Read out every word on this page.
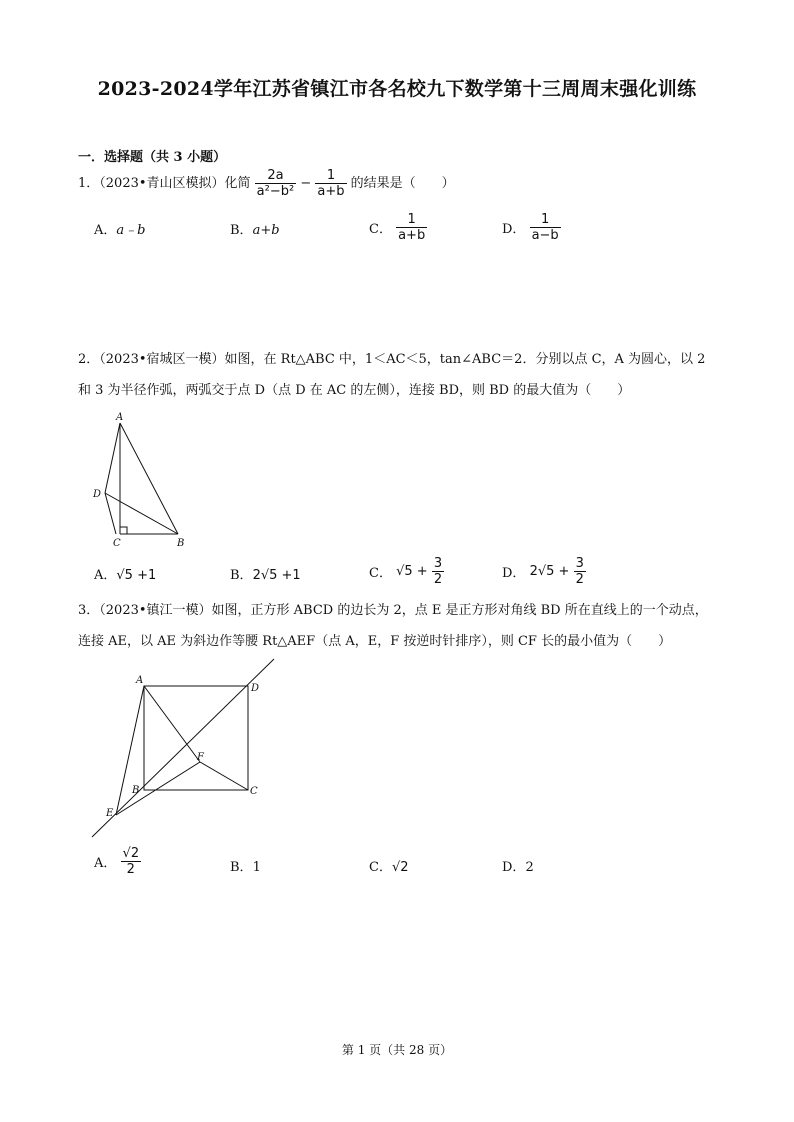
2023-2024学年江苏省镇江市各名校九下数学第十三周周末强化训练
一．选择题（共 3 小题）
1．（2023•青山区模拟）化简 $\frac{2a}{\text{a²−b²}} - \frac{1}{a+b}$ 的结果是（　　）
A．a﹣b	B．a+b	C． $\frac{1}{a+b}$	D． $\frac{1}{a-b}$
2．（2023•宿城区一模）如图，在 Rt△ABC 中，1＜AC＜5，tan∠ABC＝2．分别以点 C，A 为圆心，以 2
和 3 为半径作弧，两弧交于点 D（点 D 在 AC 的左侧），连接 BD，则 BD 的最大值为（　　）
A
C	B
D
A．√5 +1	B．2√5 +1	C． $√5 + \frac{3}{2}$	D． $2√5 + \frac{3}{2}$
3．（2023•镇江一模）如图，正方形 ABCD 的边长为 2，点 E 是正方形对角线 BD 所在直线上的一个动点，
连接 AE，以 AE 为斜边作等腰 Rt△AEF（点 A，E，F 按逆时针排序），则 CF 长的最小值为（　　）
A
D
B	C
F
E
A． $\frac{√2}{2}$	B．1	C．√2	D．2
第 1 页（共 28 页）
